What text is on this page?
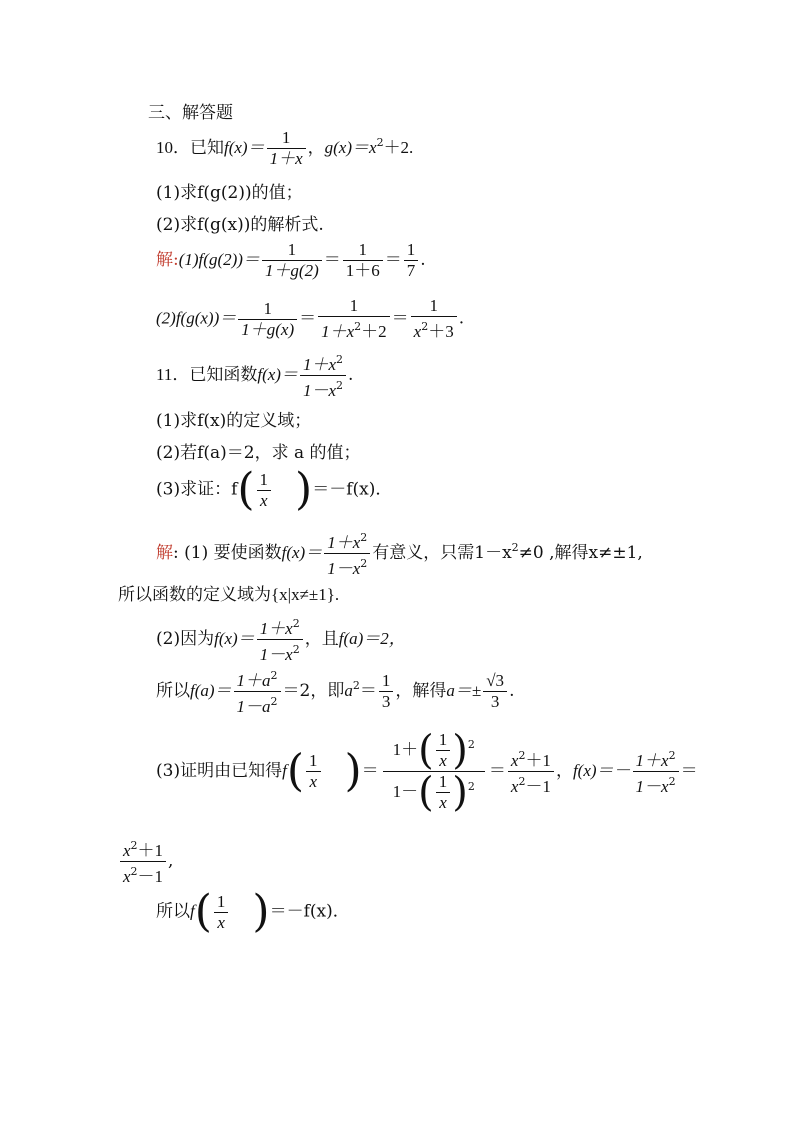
三、解答题
10．已知$f(x)= \frac{1}{1+x}$ ，$g(x)=x^2+2$.
(1)求f(g(2))的值；
(2)求f(g(x))的解析式.
解:(1)f(g(2))＝ $\frac{1}{1+g(2)} = \frac{1}{1+6} = \frac{1}{7}$ .
$(2)f(g(x))= \frac{1}{1+g(x)} = \frac{1}{1+x^2+2} = \frac{1}{x^2+3}$ .
11．已知函数$f(x)= \frac{1+x^2}{1-x^2}$ .
(1)求f(x)的定义域；
(2)若f(a)＝2，求 a 的值；
(3)求证：$f( \frac{1}{x} )=-f(x)$．
解: (1) 要使函数$f(x)= \frac{1+x^2}{1-x^2}$ 有意义，只需$1-x^2\ne 0$ ,解得x≠±1,
所以函数的定义域为{x|x≠±1}.
(2)因为$f(x)= \frac{1+x^2}{1-x^2}$ ，且f(a)＝2，
所以$f(a)= \frac{1+a^2}{1-a^2} =2$，即$a^2= \frac{1}{3}$ ，解得$a=\pm \frac{√3}{3}$ .
(3)证明由已知得$f( \frac{1}{x}$ )＝ $\frac{1+( \frac{1}{x} )^2}{1-( \frac{1}{x} )^2} = \frac{x^2+1}{x^2-1}$ ，$f(x)=- \frac{1+x^2}{1-x^2}$ ＝
$\frac{x^2+1}{x^2-1}$ ,
所以$f( \frac{1}{x} )=-f(x)$．
